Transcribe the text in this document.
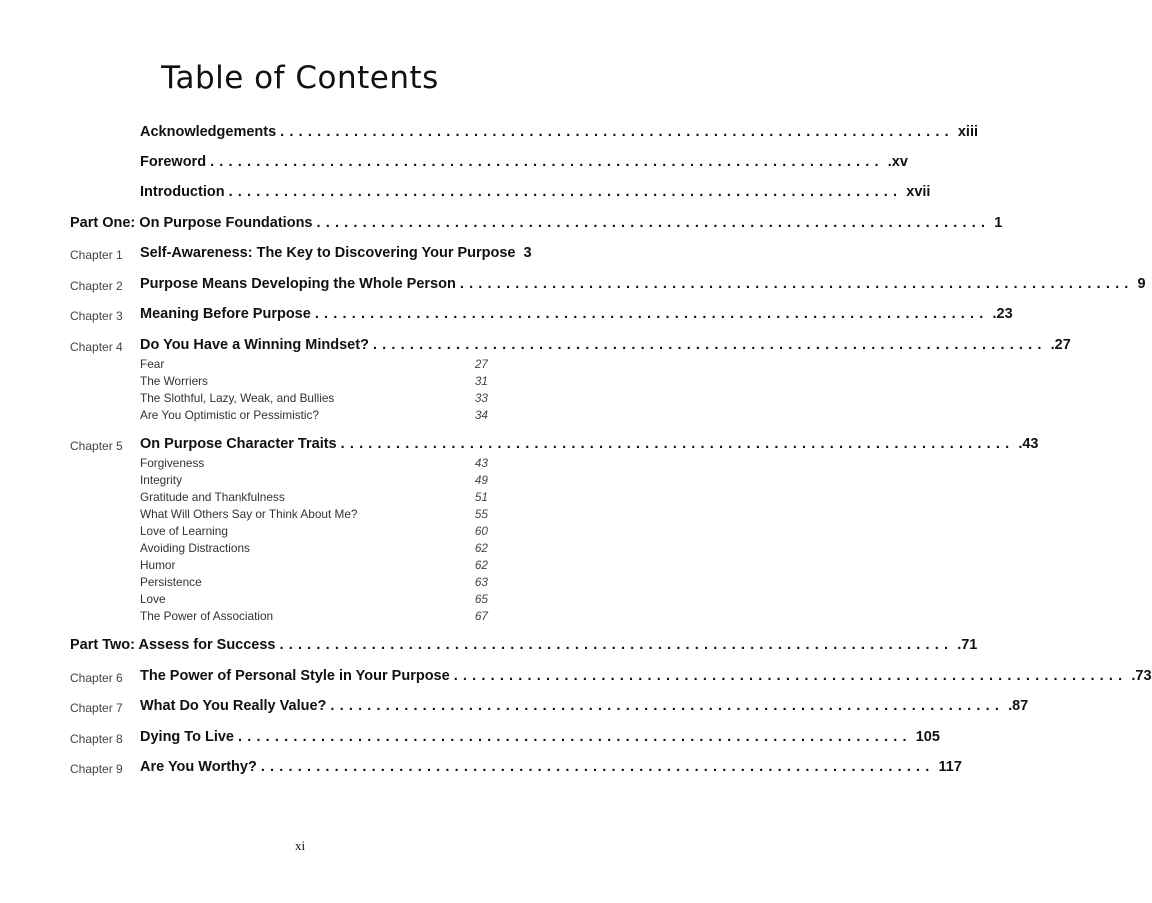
Table of Contents
Acknowledgements ......................................................................... xiii
Foreword ......................................................................... .xv
Introduction ......................................................................... xvii
Part One: On Purpose Foundations ......................................................................... 1
Chapter 1 Self-Awareness: The Key to Discovering Your Purpose 3
Chapter 2 Purpose Means Developing the Whole Person ......................................................................... 9
Chapter 3 Meaning Before Purpose ......................................................................... .23
Chapter 4 Do You Have a Winning Mindset? ......................................................................... .27
Fear	27
The Worriers	31
The Slothful, Lazy, Weak, and Bullies	33
Are You Optimistic or Pessimistic?	34
Chapter 5 On Purpose Character Traits ......................................................................... .43
Forgiveness	43
Integrity	49
Gratitude and Thankfulness	51
What Will Others Say or Think About Me?	55
Love of Learning	60
Avoiding Distractions	62
Humor	62
Persistence	63
Love	65
The Power of Association	67
Part Two: Assess for Success ......................................................................... .71
Chapter 6 The Power of Personal Style in Your Purpose ......................................................................... .73
Chapter 7 What Do You Really Value? ......................................................................... .87
Chapter 8 Dying To Live ......................................................................... 105
Chapter 9 Are You Worthy? ......................................................................... 117
xi
